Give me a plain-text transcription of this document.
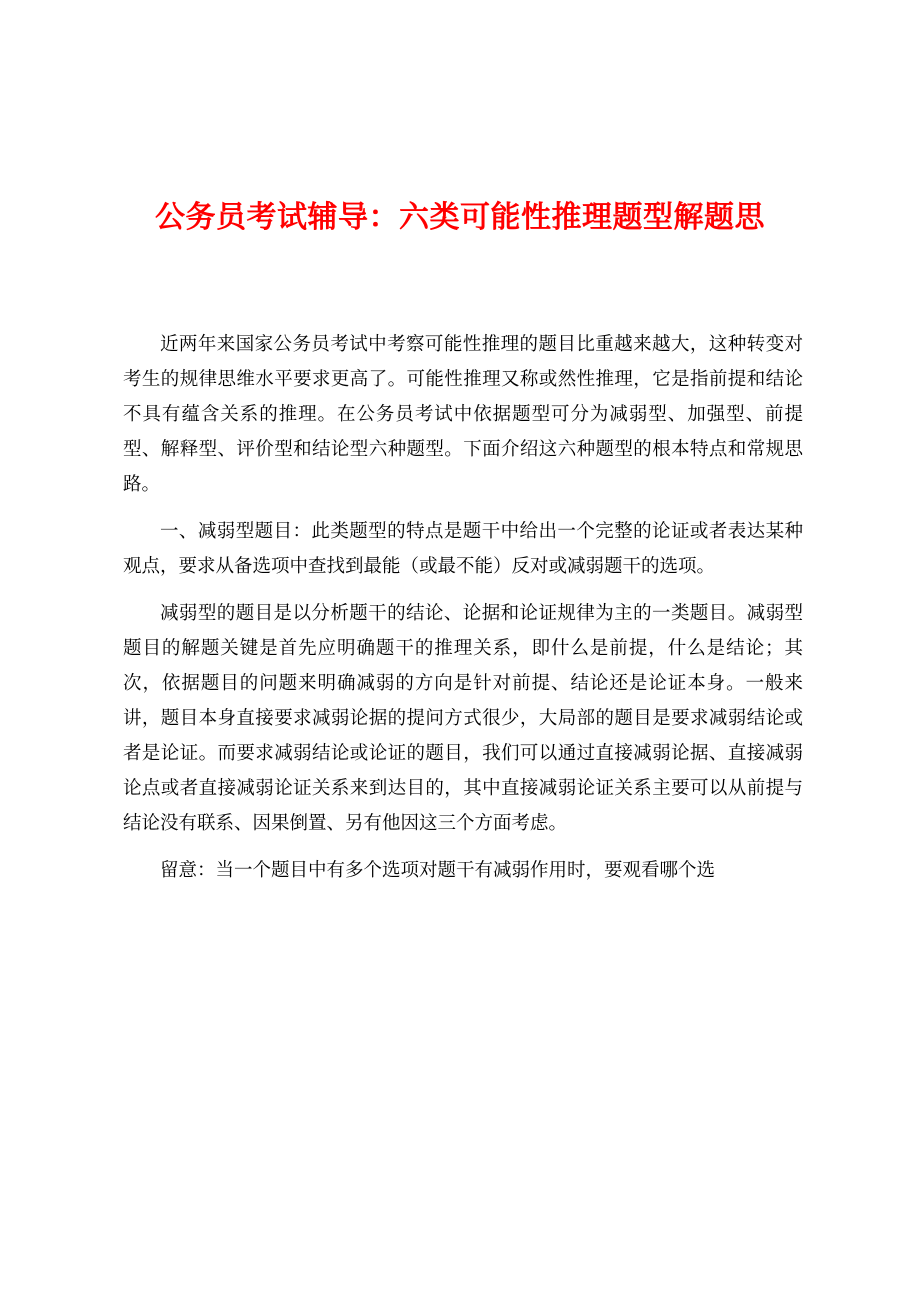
公务员考试辅导：六类可能性推理题型解题思

近两年来国家公务员考试中考察可能性推理的题目比重越来越大，这种转变对考生的规律思维水平要求更高了。可能性推理又称或然性推理，它是指前提和结论不具有蕴含关系的推理。在公务员考试中依据题型可分为减弱型、加强型、前提型、解释型、评价型和结论型六种题型。下面介绍这六种题型的根本特点和常规思路。

一、减弱型题目：此类题型的特点是题干中给出一个完整的论证或者表达某种观点，要求从备选项中查找到最能（或最不能）反对或减弱题干的选项。

减弱型的题目是以分析题干的结论、论据和论证规律为主的一类题目。减弱型题目的解题关键是首先应明确题干的推理关系，即什么是前提，什么是结论；其次，依据题目的问题来明确减弱的方向是针对前提、结论还是论证本身。一般来讲，题目本身直接要求减弱论据的提问方式很少，大局部的题目是要求减弱结论或者是论证。而要求减弱结论或论证的题目，我们可以通过直接减弱论据、直接减弱论点或者直接减弱论证关系来到达目的，其中直接减弱论证关系主要可以从前提与结论没有联系、因果倒置、另有他因这三个方面考虑。

留意：当一个题目中有多个选项对题干有减弱作用时，要观看哪个选
